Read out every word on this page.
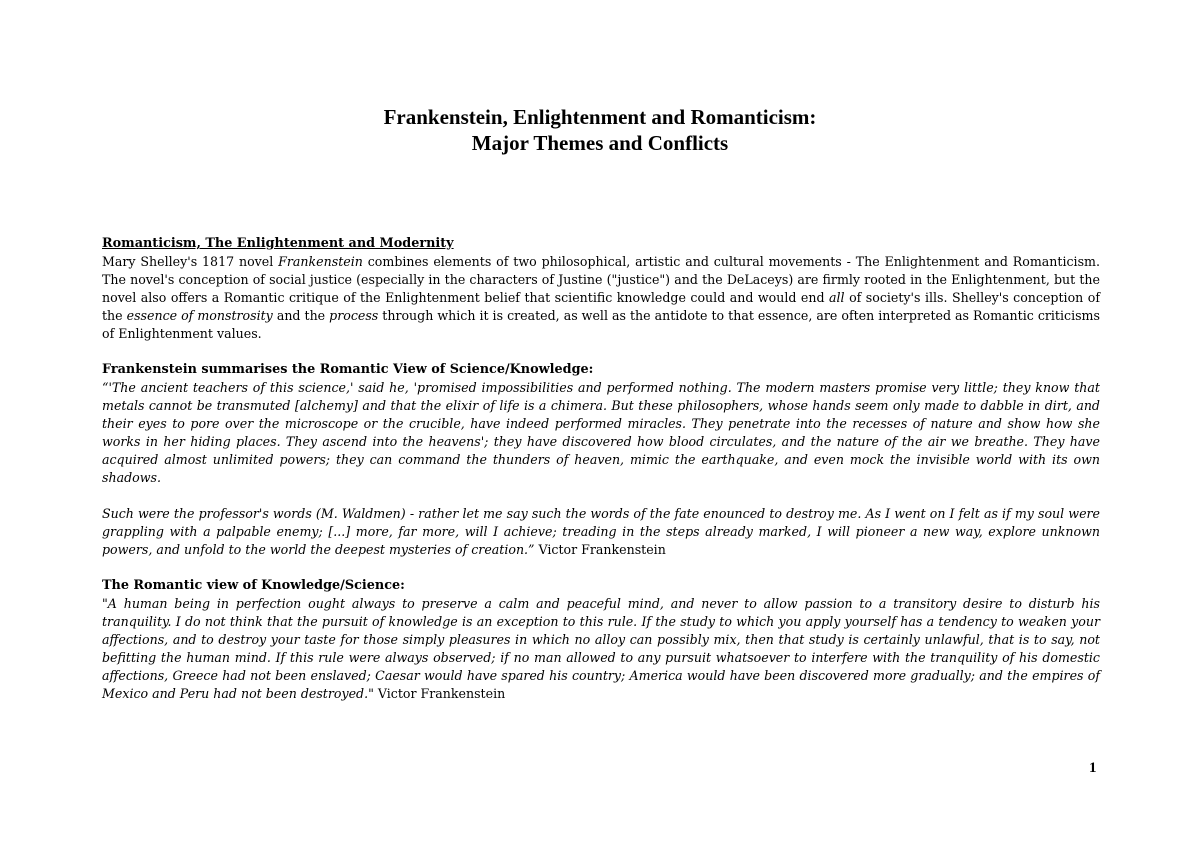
Frankenstein, Enlightenment and Romanticism:
Major Themes and Conflicts

Romanticism, The Enlightenment and Modernity

Mary Shelley's 1817 novel Frankenstein combines elements of two philosophical, artistic and cultural movements - The Enlightenment and Romanticism. The novel's conception of social justice (especially in the characters of Justine ("justice") and the DeLaceys) are firmly rooted in the Enlightenment, but the novel also offers a Romantic critique of the Enlightenment belief that scientific knowledge could and would end all of society's ills. Shelley's conception of the essence of monstrosity and the process through which it is created, as well as the antidote to that essence, are often interpreted as Romantic criticisms of Enlightenment values.

Frankenstein summarises the Romantic View of Science/Knowledge:

“'The ancient teachers of this science,' said he, 'promised impossibilities and performed nothing. The modern masters promise very little; they know that metals cannot be transmuted [alchemy] and that the elixir of life is a chimera. But these philosophers, whose hands seem only made to dabble in dirt, and their eyes to pore over the microscope or the crucible, have indeed performed miracles. They penetrate into the recesses of nature and show how she works in her hiding places. They ascend into the heavens'; they have discovered how blood circulates, and the nature of the air we breathe. They have acquired almost unlimited powers; they can command the thunders of heaven, mimic the earthquake, and even mock the invisible world with its own shadows.

Such were the professor's words (M. Waldmen) - rather let me say such the words of the fate enounced to destroy me. As I went on I felt as if my soul were grappling with a palpable enemy; [...] more, far more, will I achieve; treading in the steps already marked, I will pioneer a new way, explore unknown powers, and unfold to the world the deepest mysteries of creation.” Victor Frankenstein

The Romantic view of Knowledge/Science:

"A human being in perfection ought always to preserve a calm and peaceful mind, and never to allow passion to a transitory desire to disturb his tranquility. I do not think that the pursuit of knowledge is an exception to this rule. If the study to which you apply yourself has a tendency to weaken your affections, and to destroy your taste for those simply pleasures in which no alloy can possibly mix, then that study is certainly unlawful, that is to say, not befitting the human mind. If this rule were always observed; if no man allowed to any pursuit whatsoever to interfere with the tranquility of his domestic affections, Greece had not been enslaved; Caesar would have spared his country; America would have been discovered more gradually; and the empires of Mexico and Peru had not been destroyed." Victor Frankenstein

1
